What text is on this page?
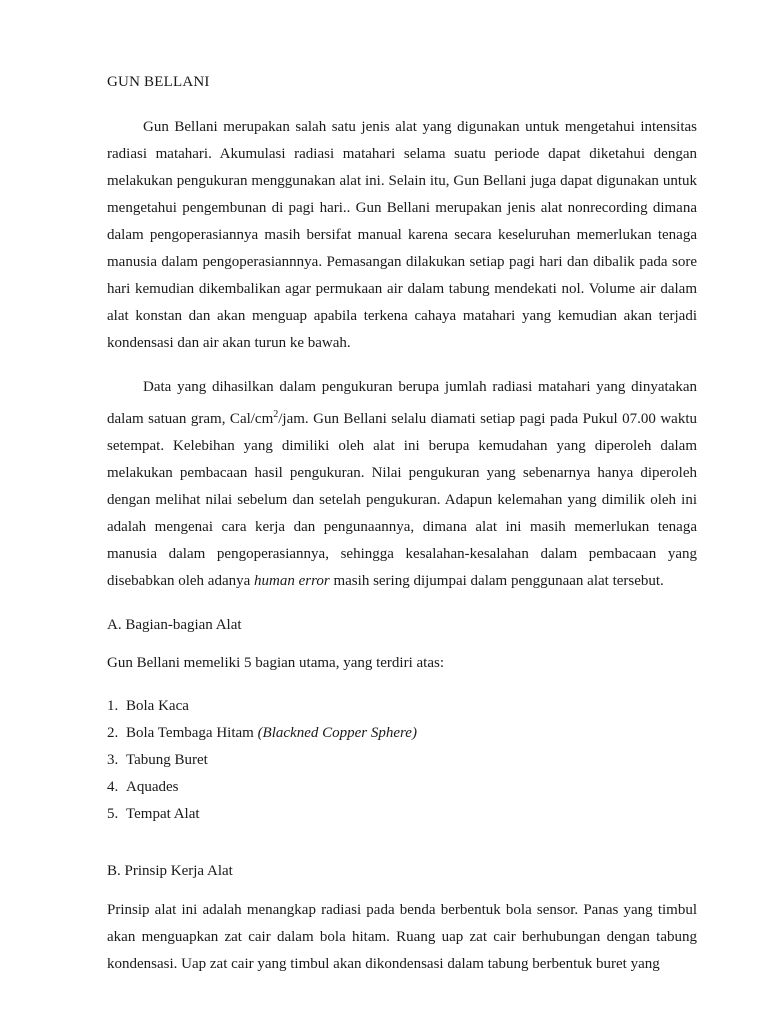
GUN BELLANI

Gun Bellani merupakan salah satu jenis alat yang digunakan untuk mengetahui intensitas radiasi matahari. Akumulasi radiasi matahari selama suatu periode dapat diketahui dengan melakukan pengukuran menggunakan alat ini. Selain itu, Gun Bellani juga dapat digunakan untuk mengetahui pengembunan di pagi hari.. Gun Bellani merupakan jenis alat nonrecording dimana dalam pengoperasiannya masih bersifat manual karena secara keseluruhan memerlukan tenaga manusia dalam pengoperasiannnya. Pemasangan dilakukan setiap pagi hari dan dibalik pada sore hari kemudian dikembalikan agar permukaan air dalam tabung mendekati nol. Volume air dalam alat konstan dan akan menguap apabila terkena cahaya matahari yang kemudian akan terjadi kondensasi dan air akan turun ke bawah.

Data yang dihasilkan dalam pengukuran berupa jumlah radiasi matahari yang dinyatakan dalam satuan gram, Cal/$cm^2$/jam. Gun Bellani selalu diamati setiap pagi pada Pukul 07.00 waktu setempat. Kelebihan yang dimiliki oleh alat ini berupa kemudahan yang diperoleh dalam melakukan pembacaan hasil pengukuran. Nilai pengukuran yang sebenarnya hanya diperoleh dengan melihat nilai sebelum dan setelah pengukuran. Adapun kelemahan yang dimilik oleh ini adalah mengenai cara kerja dan pengunaannya, dimana alat ini masih memerlukan tenaga manusia dalam pengoperasiannya, sehingga kesalahan-kesalahan dalam pembacaan yang disebabkan oleh adanya human error masih sering dijumpai dalam penggunaan alat tersebut.

A. Bagian-bagian Alat
Gun Bellani memeliki 5 bagian utama, yang terdiri atas:
1. Bola Kaca
2. Bola Tembaga Hitam (Blackned Copper Sphere)
3. Tabung Buret
4. Aquades
5. Tempat Alat
B. Prinsip Kerja Alat

Prinsip alat ini adalah menangkap radiasi pada benda berbentuk bola sensor. Panas yang timbul akan menguapkan zat cair dalam bola hitam. Ruang uap zat cair berhubungan dengan tabung kondensasi. Uap zat cair yang timbul akan dikondensasi dalam tabung berbentuk buret yang
